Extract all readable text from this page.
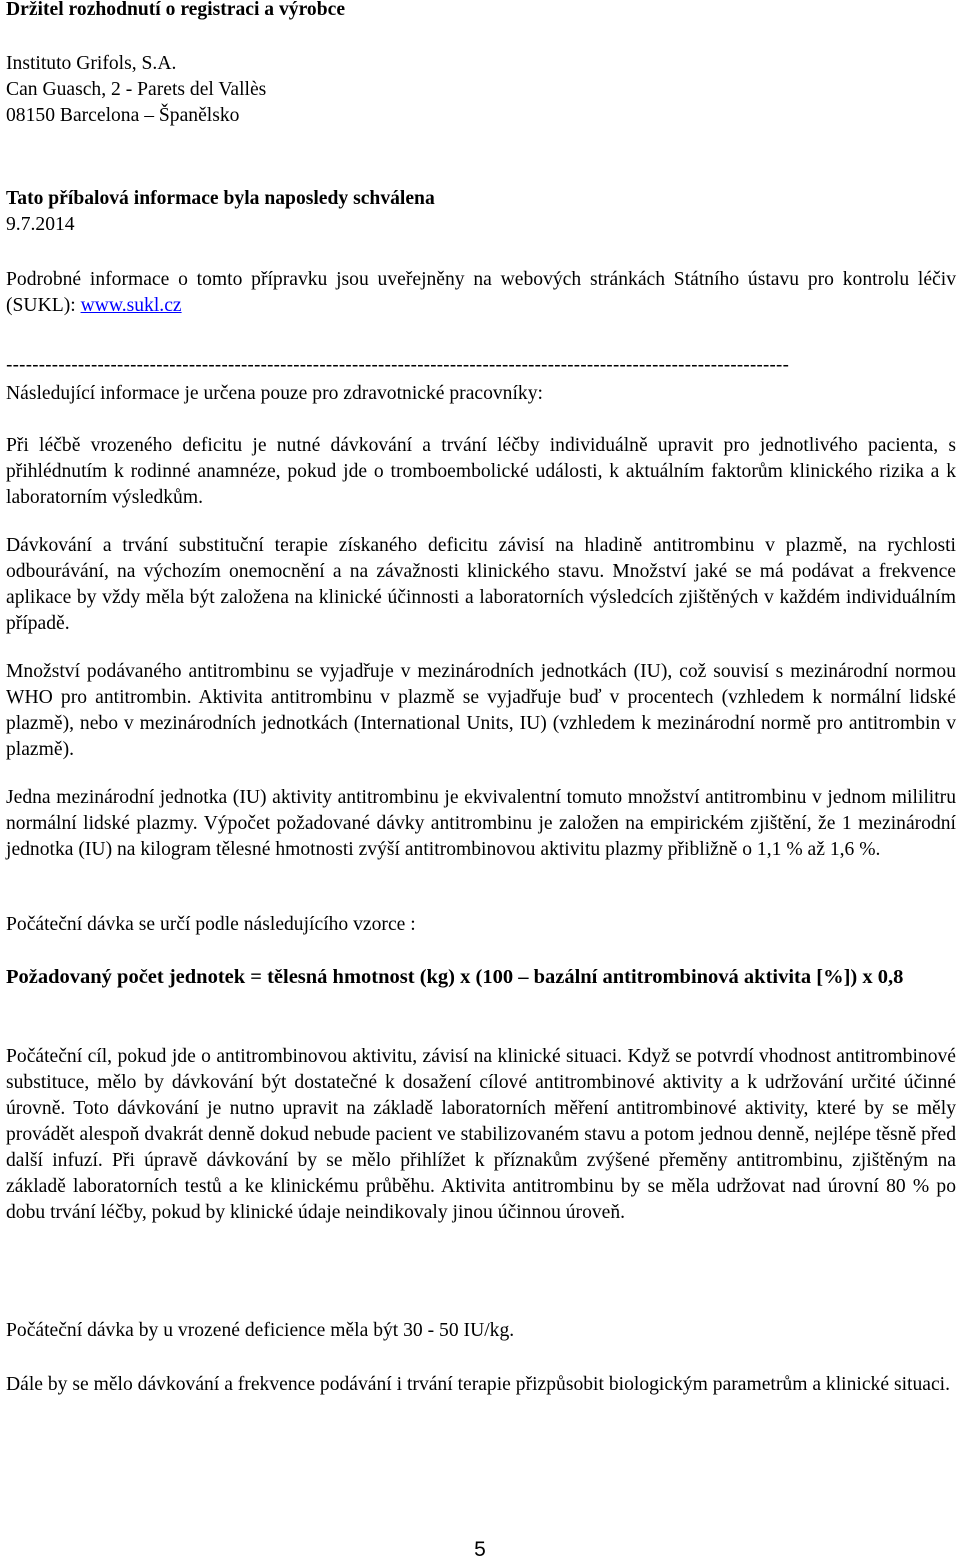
Držitel rozhodnutí o registraci a výrobce
Instituto Grifols, S.A.
Can Guasch, 2 - Parets del Vallès
08150 Barcelona – Španělsko
Tato příbalová informace byla naposledy schválena
9.7.2014
Podrobné informace o tomto přípravku jsou uveřejněny na webových stránkách Státního ústavu pro kontrolu léčiv (SUKL): www.sukl.cz
------------------------------------------------------------------------------------------------------------------------
Následující informace je určena pouze pro zdravotnické pracovníky:
Při léčbě vrozeného deficitu je nutné dávkování a trvání léčby individuálně upravit pro jednotlivého pacienta, s přihlédnutím k rodinné anamnéze, pokud jde o tromboembolické události, k aktuálním faktorům klinického rizika a k laboratorním výsledkům.
Dávkování a trvání substituční terapie získaného deficitu závisí na hladině antitrombinu v plazmě, na rychlosti odbourávání, na výchozím onemocnění a na závažnosti klinického stavu. Množství jaké se má podávat a frekvence aplikace by vždy měla být založena na klinické účinnosti a laboratorních výsledcích zjištěných v každém individuálním případě.
Množství podávaného antitrombinu se vyjadřuje v mezinárodních jednotkách (IU), což souvisí s mezinárodní normou WHO pro antitrombin. Aktivita antitrombinu v plazmě se vyjadřuje buď v procentech (vzhledem k normální lidské plazmě), nebo v mezinárodních jednotkách (International Units, IU) (vzhledem k mezinárodní normě pro antitrombin v plazmě).
Jedna mezinárodní jednotka (IU) aktivity antitrombinu je ekvivalentní tomuto množství antitrombinu v jednom mililitru normální lidské plazmy. Výpočet požadované dávky antitrombinu je založen na empirickém zjištění, že 1 mezinárodní jednotka (IU) na kilogram tělesné hmotnosti zvýší antitrombinovou aktivitu plazmy přibližně o 1,1 % až 1,6 %.
Počáteční dávka se určí podle následujícího vzorce :
Požadovaný počet jednotek = tělesná hmotnost (kg) x (100 – bazální antitrombinová aktivita [%]) x 0,8
Počáteční cíl, pokud jde o antitrombinovou aktivitu, závisí na klinické situaci. Když se potvrdí vhodnost antitrombinové substituce, mělo by dávkování být dostatečné k dosažení cílové antitrombinové aktivity a k udržování určité účinné úrovně. Toto dávkování je nutno upravit na základě laboratorních měření antitrombinové aktivity, které by se měly provádět alespoň dvakrát denně dokud nebude pacient ve stabilizovaném stavu a potom jednou denně, nejlépe těsně před další infuzí. Při úpravě dávkování by se mělo přihlížet k příznakům zvýšené přeměny antitrombinu, zjištěným na základě laboratorních testů a ke klinickému průběhu. Aktivita antitrombinu by se měla udržovat nad úrovní 80 % po dobu trvání léčby, pokud by klinické údaje neindikovaly jinou účinnou úroveň.
Počáteční dávka by u vrozené deficience měla být 30 - 50 IU/kg.
Dále by se mělo dávkování a frekvence podávání i trvání terapie přizpůsobit biologickým parametrům a klinické situaci.
5
